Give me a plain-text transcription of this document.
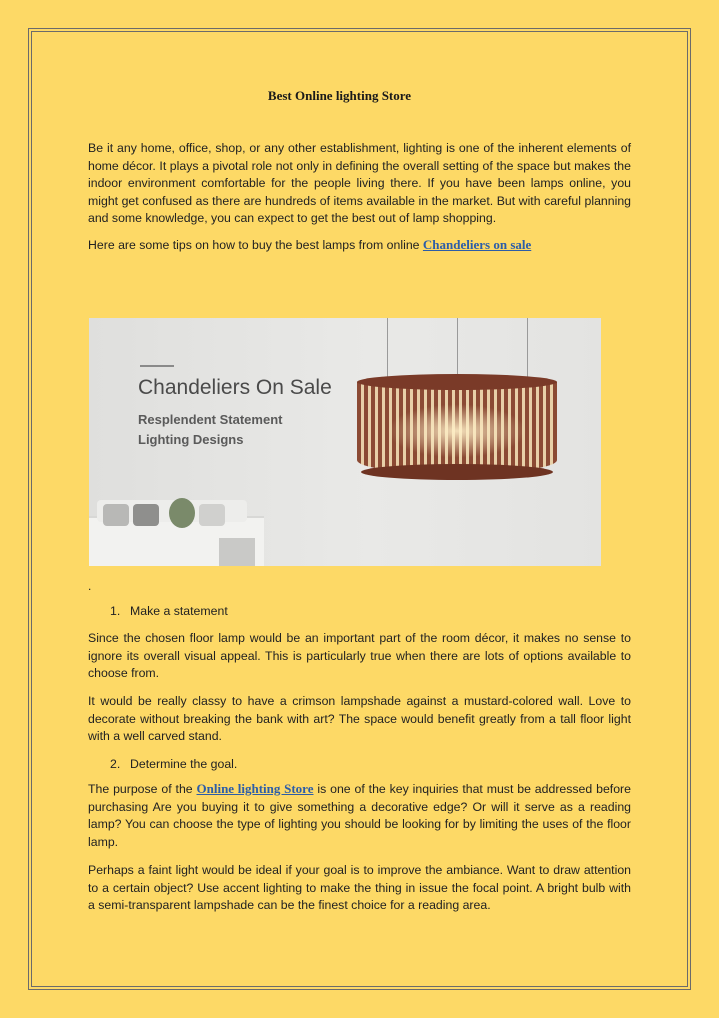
Best Online lighting Store

Be it any home, office, shop, or any other establishment, lighting is one of the inherent elements of home décor. It plays a pivotal role not only in defining the overall setting of the space but makes the indoor environment comfortable for the people living there. If you have been lamps online, you might get confused as there are hundreds of items available in the market. But with careful planning and some knowledge, you can expect to get the best out of lamp shopping.

Here are some tips on how to buy the best lamps from online Chandeliers on sale

1. Make a statement

Since the chosen floor lamp would be an important part of the room décor, it makes no sense to ignore its overall visual appeal. This is particularly true when there are lots of options available to choose from.

It would be really classy to have a crimson lampshade against a mustard-colored wall. Love to decorate without breaking the bank with art? The space would benefit greatly from a tall floor light with a well carved stand.

2. Determine the goal.

The purpose of the Online lighting Store is one of the key inquiries that must be addressed before purchasing Are you buying it to give something a decorative edge? Or will it serve as a reading lamp? You can choose the type of lighting you should be looking for by limiting the uses of the floor lamp.

Perhaps a faint light would be ideal if your goal is to improve the ambiance. Want to draw attention to a certain object? Use accent lighting to make the thing in issue the focal point. A bright bulb with a semi-transparent lampshade can be the finest choice for a reading area.

Chandeliers On Sale
Resplendent Statement
Lighting Designs
.
